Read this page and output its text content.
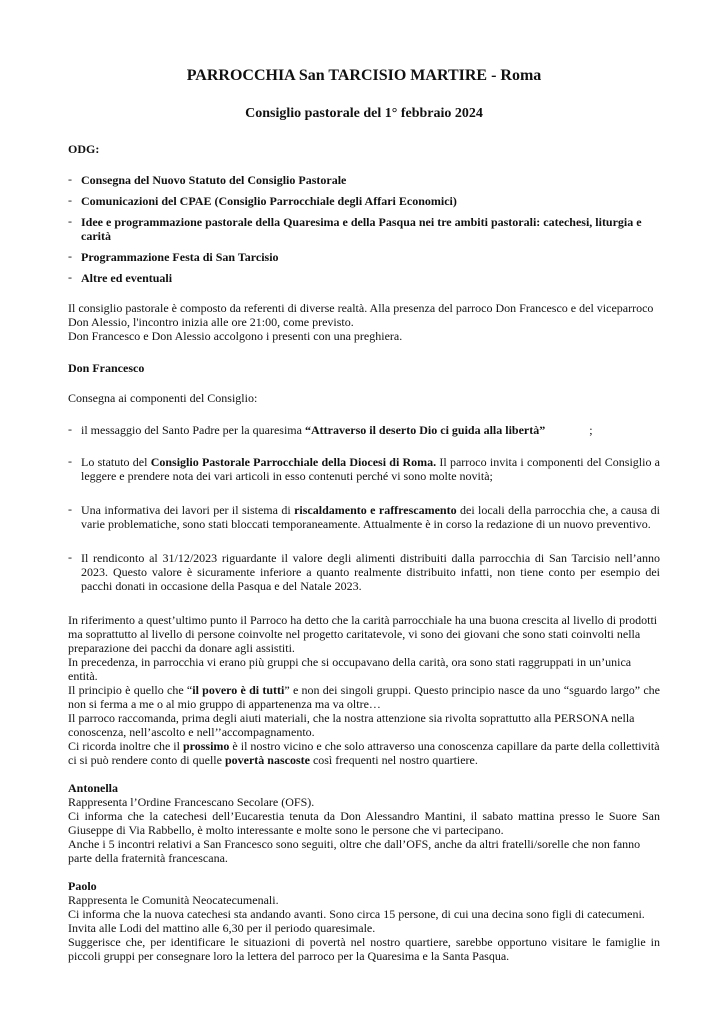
PARROCCHIA San TARCISIO MARTIRE - Roma
Consiglio pastorale del 1° febbraio 2024
ODG:
- Consegna del Nuovo Statuto del Consiglio Pastorale
- Comunicazioni del CPAE (Consiglio Parrocchiale degli Affari Economici)
- Idee e programmazione pastorale della Quaresima e della Pasqua nei tre ambiti pastorali: catechesi, liturgia e carità
- Programmazione Festa di San Tarcisio
- Altre ed eventuali

Il consiglio pastorale è composto da referenti di diverse realtà. Alla presenza del parroco Don Francesco e del viceparroco Don Alessio, l'incontro inizia alle ore 21:00, come previsto.

Don Francesco e Don Alessio accolgono i presenti con una preghiera.

Don Francesco

Consegna ai componenti del Consiglio:

- il messaggio del Santo Padre per la quaresima “Attraverso il deserto Dio ci guida alla libertà”	;
- Lo statuto del Consiglio Pastorale Parrocchiale della Diocesi di Roma. Il parroco invita i componenti del Consiglio a leggere e prendere nota dei vari articoli in esso contenuti perché vi sono molte novità;
- Una informativa dei lavori per il sistema di riscaldamento e raffrescamento dei locali della parrocchia che, a causa di varie problematiche, sono stati bloccati temporaneamente. Attualmente è in corso la redazione di un nuovo preventivo.
- Il rendiconto al 31/12/2023 riguardante il valore degli alimenti distribuiti dalla parrocchia di San Tarcisio nell’anno 2023. Questo valore è sicuramente inferiore a quanto realmente distribuito infatti, non tiene conto per esempio dei pacchi donati in occasione della Pasqua e del Natale 2023.

In riferimento a quest’ultimo punto il Parroco ha detto che la carità parrocchiale ha una buona crescita al livello di prodotti ma soprattutto al livello di persone coinvolte nel progetto caritatevole, vi sono dei giovani che sono stati coinvolti nella preparazione dei pacchi da donare agli assistiti.

In precedenza, in parrocchia vi erano più gruppi che si occupavano della carità, ora sono stati raggruppati in un’unica entità.

Il principio è quello che “il povero è di tutti” e non dei singoli gruppi. Questo principio nasce da uno “sguardo largo” che non si ferma a me o al mio gruppo di appartenenza ma va oltre…

Il parroco raccomanda, prima degli aiuti materiali, che la nostra attenzione sia rivolta soprattutto alla PERSONA nella conoscenza, nell’ascolto e nell’’accompagnamento.

Ci ricorda inoltre che il prossimo è il nostro vicino e che solo attraverso una conoscenza capillare da parte della collettività ci si può rendere conto di quelle povertà nascoste così frequenti nel nostro quartiere.

Antonella

Rappresenta l’Ordine Francescano Secolare (OFS).

Ci informa che la catechesi dell’Eucarestia tenuta da Don Alessandro Mantini, il sabato mattina presso le Suore San Giuseppe di Via Rabbello, è molto interessante e molte sono le persone che vi partecipano.

Anche i 5 incontri relativi a San Francesco sono seguiti, oltre che dall’OFS, anche da altri fratelli/sorelle che non fanno parte della fraternità francescana.

Paolo

Rappresenta le Comunità Neocatecumenali.

Ci informa che la nuova catechesi sta andando avanti. Sono circa 15 persone, di cui una decina sono figli di catecumeni.

Invita alle Lodi del mattino alle 6,30 per il periodo quaresimale.

Suggerisce che, per identificare le situazioni di povertà nel nostro quartiere, sarebbe opportuno visitare le famiglie in piccoli gruppi per consegnare loro la lettera del parroco per la Quaresima e la Santa Pasqua.
